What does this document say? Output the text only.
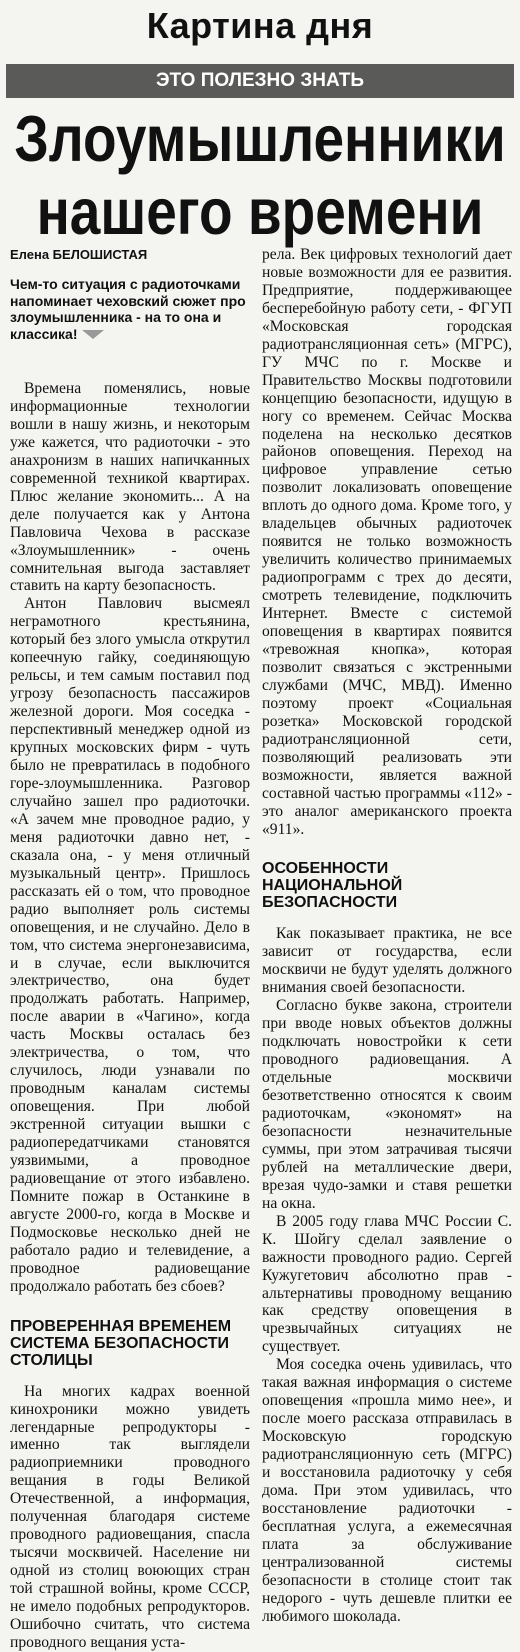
Картина дня
ЭТО ПОЛЕЗНО ЗНАТЬ
Злоумышленники нашего времени
Елена БЕЛОШИСТАЯ
Чем-то ситуация с радиоточками напоминает чеховский сюжет про злоумышленника - на то она и классика!

Времена поменялись, новые информационные технологии вошли в нашу жизнь, и некоторым уже кажется, что радиоточки - это анахронизм в наших напичканных современной техникой квартирах. Плюс желание экономить... А на деле получается как у Антона Павловича Чехова в рассказе «Злоумышленник» - очень сомнительная выгода заставляет ставить на карту безопасность.

Антон Павлович высмеял неграмотного крестьянина, который без злого умысла открутил копеечную гайку, соединяющую рельсы, и тем самым поставил под угрозу безопасность пассажиров железной дороги. Моя соседка - перспективный менеджер одной из крупных московских фирм - чуть было не превратилась в подобного горе-злоумышленника. Разговор случайно зашел про радиоточки. «А зачем мне проводное радио, у меня радиоточки давно нет, - сказала она, - у меня отличный музыкальный центр». Пришлось рассказать ей о том, что проводное радио выполняет роль системы оповещения, и не случайно. Дело в том, что система энергонезависима, и в случае, если выключится электричество, она будет продолжать работать. Например, после аварии в «Чагино», когда часть Москвы осталась без электричества, о том, что случилось, люди узнавали по проводным каналам системы оповещения. При любой экстренной ситуации вышки с радиопередатчиками становятся уязвимыми, а проводное радиовещание от этого избавлено. Помните пожар в Останкине в августе 2000-го, когда в Москве и Подмосковье несколько дней не работало радио и телевидение, а проводное радиовещание продолжало работать без сбоев?

ПРОВЕРЕННАЯ ВРЕМЕНЕМ СИСТЕМА БЕЗОПАСНОСТИ СТОЛИЦЫ

На многих кадрах военной кинохроники можно увидеть легендарные репродукторы - именно так выглядели радиоприемники проводного вещания в годы Великой Отечественной, а информация, полученная благодаря системе проводного радиовещания, спасла тысячи москвичей. Население ни одной из столиц воюющих стран той страшной войны, кроме СССР, не имело подобных репродукторов. Ошибочно считать, что система проводного вещания уста-

рела. Век цифровых технологий дает новые возможности для ее развития. Предприятие, поддерживающее бесперебойную работу сети, - ФГУП «Московская городская радиотрансляционная сеть» (МГРС), ГУ МЧС по г. Москве и Правительство Москвы подготовили концепцию безопасности, идущую в ногу со временем. Сейчас Москва поделена на несколько десятков районов оповещения. Переход на цифровое управление сетью позволит локализовать оповещение вплоть до одного дома. Кроме того, у владельцев обычных радиоточек появится не только возможность увеличить количество принимаемых радиопрограмм с трех до десяти, смотреть телевидение, подключить Интернет. Вместе с системой оповещения в квартирах появится «тревожная кнопка», которая позволит связаться с экстренными службами (МЧС, МВД). Именно поэтому проект «Социальная розетка» Московской городской радиотрансляционной сети, позволяющий реализовать эти возможности, является важной составной частью программы «112» - это аналог американского проекта «911».

ОСОБЕННОСТИ НАЦИОНАЛЬНОЙ БЕЗОПАСНОСТИ

Как показывает практика, не все зависит от государства, если москвичи не будут уделять должного внимания своей безопасности.

Согласно букве закона, строители при вводе новых объектов должны подключать новостройки к сети проводного радиовещания. А отдельные москвичи безответственно относятся к своим радиоточкам, «экономят» на безопасности незначительные суммы, при этом затрачивая тысячи рублей на металлические двери, врезая чудо-замки и ставя решетки на окна.

В 2005 году глава МЧС России С. К. Шойгу сделал заявление о важности проводного радио. Сергей Кужугетович абсолютно прав - альтернативы проводному вещанию как средству оповещения в чрезвычайных ситуациях не существует.

Моя соседка очень удивилась, что такая важная информация о системе оповещения «прошла мимо нее», и после моего рассказа отправилась в Московскую городскую радиотрансляционную сеть (МГРС) и восстановила радиоточку у себя дома. При этом удивилась, что восстановление радиоточки - бесплатная услуга, а ежемесячная плата за обслуживание централизованной системы безопасности в столице стоит так недорого - чуть дешевле плитки ее любимого шоколада.
